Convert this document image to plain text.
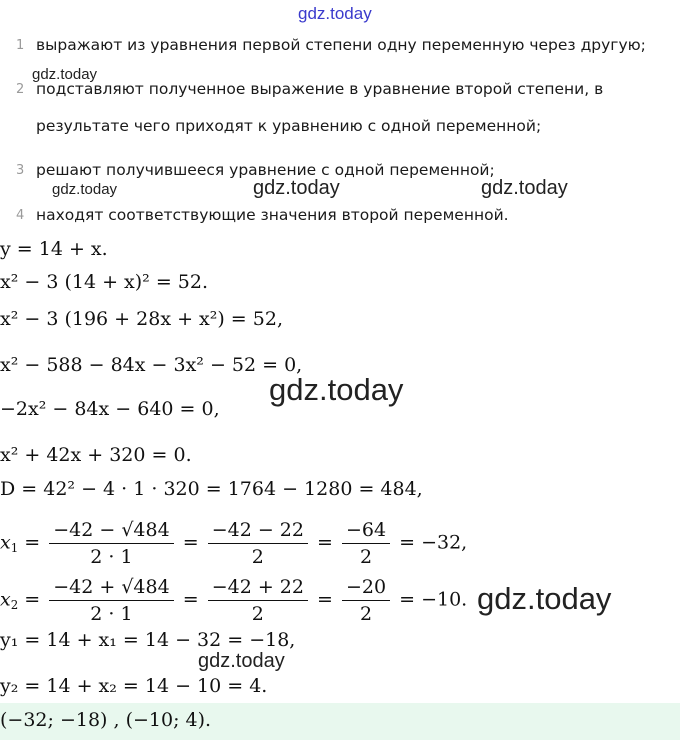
gdz.today
gdz.today
gdz.today	gdz.today	gdz.today
gdz.today
gdz.today
gdz.today
1 выражают из уравнения первой степени одну переменную через другую;
2 подставляют полученное выражение в уравнение второй степени, в
результате чего приходят к уравнению с одной переменной;
3 решают получившееся уравнение с одной переменной;
4 находят соответствующие значения второй переменной.
y = 14 + x.
x² − 3 (14 + x)² = 52.
x² − 3 (196 + 28x + x²) = 52,
x² − 588 − 84x − 3x² − 52 = 0,
−2x² − 84x − 640 = 0,
x² + 42x + 320 = 0.
D = 42² − 4 · 1 · 320 = 1764 − 1280 = 484,
$x_1 = \frac{-42 - √484}{2 \cdot 1} = \frac{-42 - 22}{2} = \frac{-64}{2} = -32$,
$x_2 = \frac{-42 + √484}{2 \cdot 1} = \frac{-42 + 22}{2} = \frac{-20}{2} = -10$.
y₁ = 14 + x₁ = 14 − 32 = −18,
y₂ = 14 + x₂ = 14 − 10 = 4.
(−32; −18) , (−10; 4).
